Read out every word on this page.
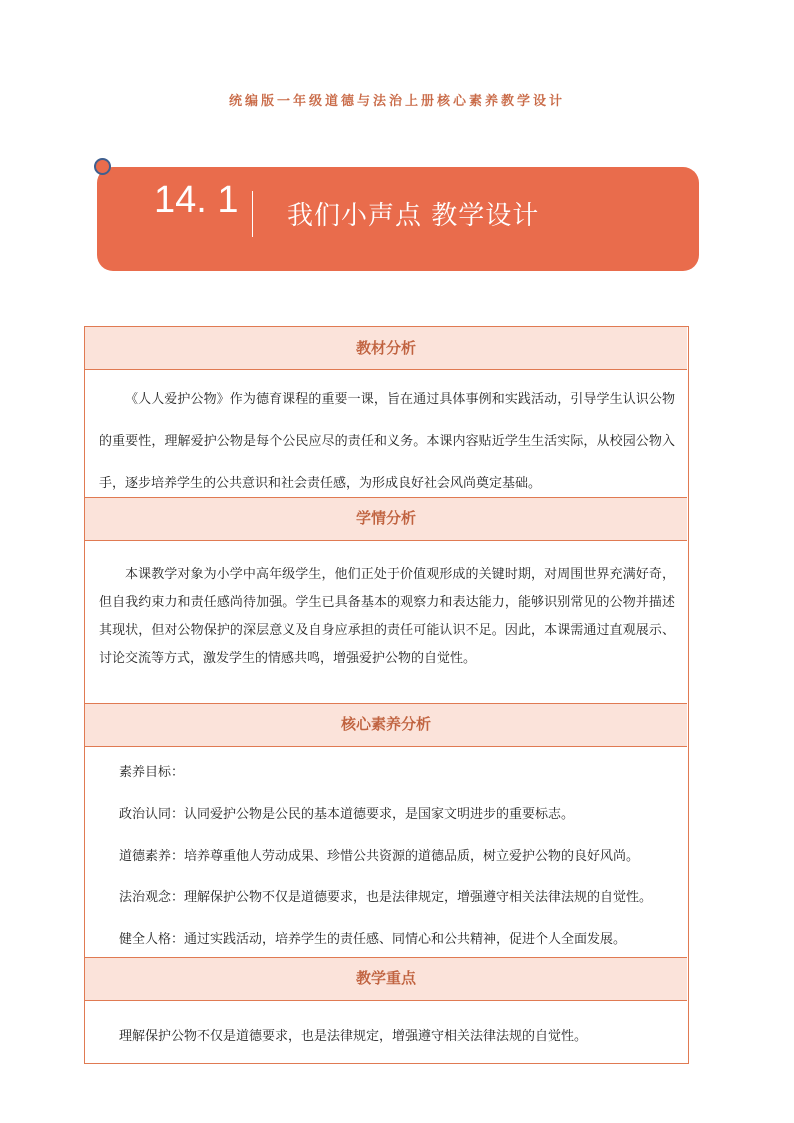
统编版一年级道德与法治上册核心素养教学设计
14. 1 我们小声点 教学设计
教材分析

《人人爱护公物》作为德育课程的重要一课，旨在通过具体事例和实践活动，引导学生认识公物的重要性，理解爱护公物是每个公民应尽的责任和义务。本课内容贴近学生生活实际，从校园公物入手，逐步培养学生的公共意识和社会责任感，为形成良好社会风尚奠定基础。

学情分析

本课教学对象为小学中高年级学生，他们正处于价值观形成的关键时期，对周围世界充满好奇，但自我约束力和责任感尚待加强。学生已具备基本的观察力和表达能力，能够识别常见的公物并描述其现状，但对公物保护的深层意义及自身应承担的责任可能认识不足。因此，本课需通过直观展示、讨论交流等方式，激发学生的情感共鸣，增强爱护公物的自觉性。

核心素养分析

素养目标：

政治认同：认同爱护公物是公民的基本道德要求，是国家文明进步的重要标志。

道德素养：培养尊重他人劳动成果、珍惜公共资源的道德品质，树立爱护公物的良好风尚。

法治观念：理解保护公物不仅是道德要求，也是法律规定，增强遵守相关法律法规的自觉性。

健全人格：通过实践活动，培养学生的责任感、同情心和公共精神，促进个人全面发展。

教学重点

理解保护公物不仅是道德要求，也是法律规定，增强遵守相关法律法规的自觉性。
